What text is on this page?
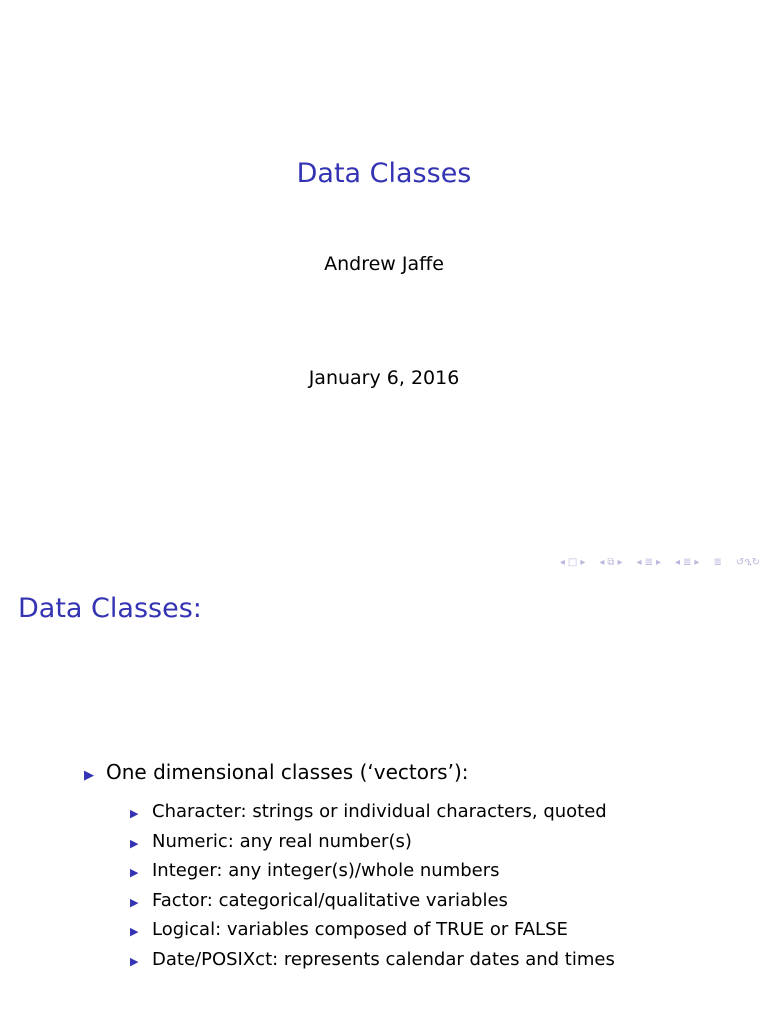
Data Classes
Andrew Jaffe
January 6, 2016
◂ □ ▸ ◂ ⧉ ▸ ◂ ≣ ▸ ◂ ≣ ▸ ≣ ↺ዒ↻
Data Classes:
▶ One dimensional classes (‘vectors’):
▶ Character: strings or individual characters, quoted
▶ Numeric: any real number(s)
▶ Integer: any integer(s)/whole numbers
▶ Factor: categorical/qualitative variables
▶ Logical: variables composed of TRUE or FALSE
▶ Date/POSIXct: represents calendar dates and times
